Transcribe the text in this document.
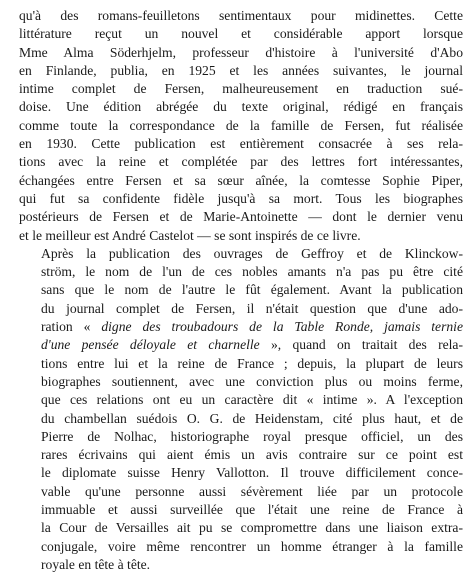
qu'à des romans-feuilletons sentimentaux pour midinettes. Cette
littérature reçut un nouvel et considérable apport lorsque
Mme Alma Söderhjelm, professeur d'histoire à l'université d'Abo
en Finlande, publia, en 1925 et les années suivantes, le journal
intime complet de Fersen, malheureusement en traduction sué-
doise. Une édition abrégée du texte original, rédigé en français
comme toute la correspondance de la famille de Fersen, fut réalisée
en 1930. Cette publication est entièrement consacrée à ses rela-
tions avec la reine et complétée par des lettres fort intéressantes,
échangées entre Fersen et sa sœur aînée, la comtesse Sophie Piper,
qui fut sa confidente fidèle jusqu'à sa mort. Tous les biographes
postérieurs de Fersen et de Marie-Antoinette — dont le dernier venu
et le meilleur est André Castelot — se sont inspirés de ce livre.

Après la publication des ouvrages de Geffroy et de Klinckow-
ström, le nom de l'un de ces nobles amants n'a pas pu être cité
sans que le nom de l'autre le fût également. Avant la publication
du journal complet de Fersen, il n'était question que d'une ado-
ration « digne des troubadours de la Table Ronde, jamais ternie
d'une pensée déloyale et charnelle », quand on traitait des rela-
tions entre lui et la reine de France ; depuis, la plupart de leurs
biographes soutiennent, avec une conviction plus ou moins ferme,
que ces relations ont eu un caractère dit « intime ». A l'exception
du chambellan suédois O. G. de Heidenstam, cité plus haut, et de
Pierre de Nolhac, historiographe royal presque officiel, un des
rares écrivains qui aient émis un avis contraire sur ce point est
le diplomate suisse Henry Vallotton. Il trouve difficilement conce-
vable qu'une personne aussi sévèrement liée par un protocole
immuable et aussi surveillée que l'était une reine de France à
la Cour de Versailles ait pu se compromettre dans une liaison extra-
conjugale, voire même rencontrer un homme étranger à la famille
royale en tête à tête.
